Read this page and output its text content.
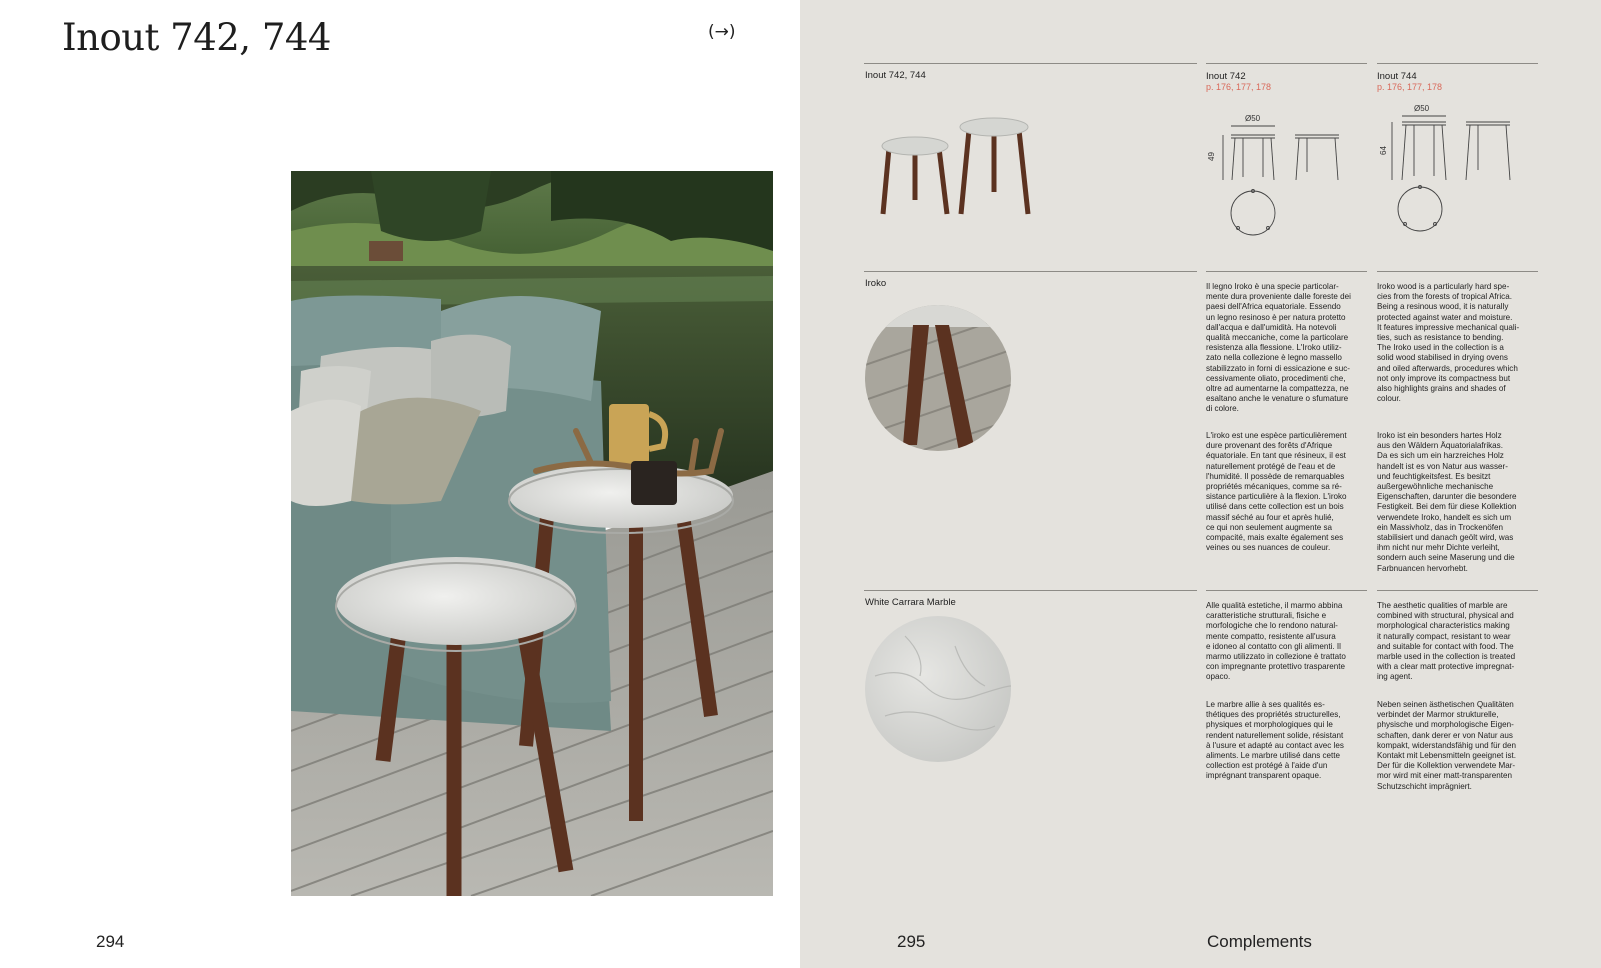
Inout 742, 744	(→)
294
Inout 742, 744	Inout 742
p. 176, 177, 178
Inout 744
p. 176, 177, 178
Ø50
49
Ø50
64
Iroko	Il legno Iroko è una specie particolar-
mente dura proveniente dalle foreste dei
paesi dell'Africa equatoriale. Essendo
un legno resinoso è per natura protetto
dall'acqua e dall'umidità. Ha notevoli
qualità meccaniche, come la particolare
resistenza alla flessione. L'Iroko utiliz-
zato nella collezione è legno massello
stabilizzato in forni di essicazione e suc-
cessivamente oliato, procedimenti che,
oltre ad aumentarne la compattezza, ne
esaltano anche le venature o sfumature
di colore.
Iroko wood is a particularly hard spe-
cies from the forests of tropical Africa.
Being a resinous wood, it is naturally
protected against water and moisture.
It features impressive mechanical quali-
ties, such as resistance to bending.
The Iroko used in the collection is a
solid wood stabilised in drying ovens
and oiled afterwards, procedures which
not only improve its compactness but
also highlights grains and shades of
colour.
L'iroko est une espèce particulièrement
dure provenant des forêts d'Afrique
équatoriale. En tant que résineux, il est
naturellement protégé de l'eau et de
l'humidité. Il possède de remarquables
propriétés mécaniques, comme sa ré-
sistance particulière à la flexion. L'iroko
utilisé dans cette collection est un bois
massif séché au four et après hulié,
ce qui non seulement augmente sa
compacité, mais exalte également ses
veines ou ses nuances de couleur.
Iroko ist ein besonders hartes Holz
aus den Wäldern Äquatorialafrikas.
Da es sich um ein harzreiches Holz
handelt ist es von Natur aus wasser-
und feuchtigkeitsfest. Es besitzt
außergewöhnliche mechanische
Eigenschaften, darunter die besondere
Festigkeit. Bei dem für diese Kollektion
verwendete Iroko, handelt es sich um
ein Massivholz, das in Trockenöfen
stabilisiert und danach geölt wird, was
ihm nicht nur mehr Dichte verleiht,
sondern auch seine Maserung und die
Farbnuancen hervorhebt.
White Carrara Marble	Alle qualità estetiche, il marmo abbina
caratteristiche strutturali, fisiche e
morfologiche che lo rendono natural-
mente compatto, resistente all'usura
e idoneo al contatto con gli alimenti. Il
marmo utilizzato in collezione è trattato
con impregnante protettivo trasparente
opaco.
The aesthetic qualities of marble are
combined with structural, physical and
morphological characteristics making
it naturally compact, resistant to wear
and suitable for contact with food. The
marble used in the collection is treated
with a clear matt protective impregnat-
ing agent.
Le marbre allie à ses qualités es-
thétiques des propriétés structurelles,
physiques et morphologiques qui le
rendent naturellement solide, résistant
à l'usure et adapté au contact avec les
aliments. Le marbre utilisé dans cette
collection est protégé à l'aide d'un
imprégnant transparent opaque.
Neben seinen ästhetischen Qualitäten
verbindet der Marmor strukturelle,
physische und morphologische Eigen-
schaften, dank derer er von Natur aus
kompakt, widerstandsfähig und für den
Kontakt mit Lebensmitteln geeignet ist.
Der für die Kollektion verwendete Mar-
mor wird mit einer matt-transparenten
Schutzschicht imprägniert.
295	Complements
